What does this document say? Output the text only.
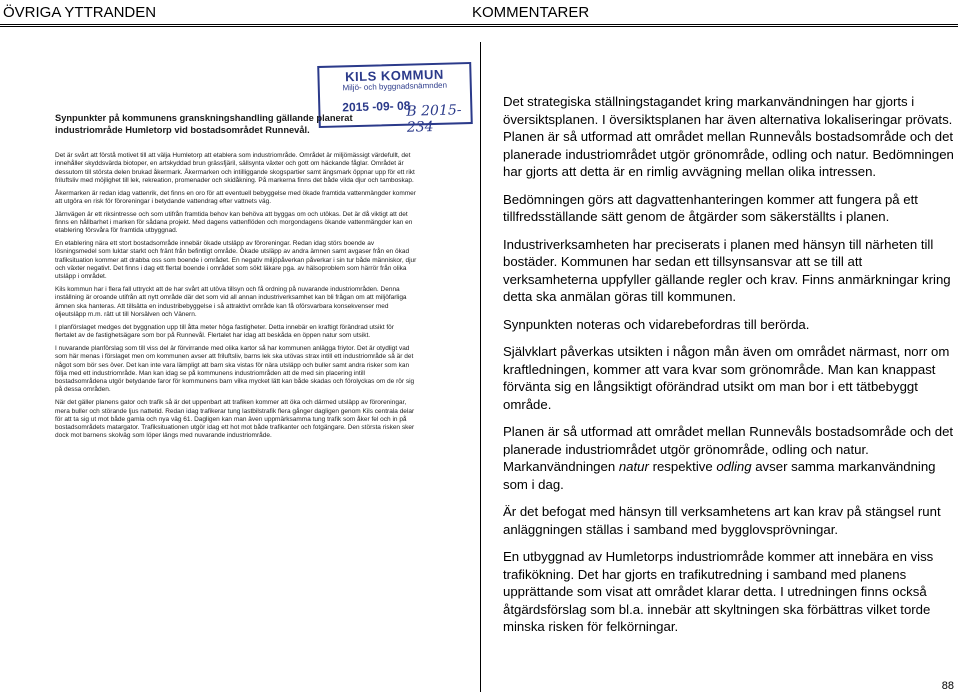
ÖVRIGA YTTRANDEN	KOMMENTARER
KILS KOMMUN
Miljö- och byggnadsnämnden
2015 -09- 08
B 2015-234
Synpunkter på kommunens granskningshandling gällande planerat industriområde Humletorp vid bostadsområdet Runnevål.

Det är svårt att förstå motivet till att välja Humletorp att etablera som industriområde. Området är miljömässigt värdefullt, det innehåller skyddsvärda biotoper, en artskyddad brun grässfjäril, sällsynta växter och gott om häckande fåglar. Området är dessutom till största delen brukad åkermark. Åkermarken och intilliggande skogspartier samt ängsmark öppnar upp för ett rikt friluftsliv med möjlighet till lek, rekreation, promenader och skidåkning. På markerna finns det både vilda djur och tamboskap.

Åkermarken är redan idag vattenrik, det finns en oro för att eventuell bebyggelse med ökade framtida vattenmängder kommer att utgöra en risk för föroreningar i betydande vattendrag efter vattnets väg.

Järnvägen är ett riksintresse och som utifrån framtida behov kan behöva att byggas om och utökas. Det är då viktigt att det finns en hållbarhet i marken för sådana projekt. Med dagens vattenflöden och morgondagens ökande vattenmängder kan en etablering försvåra för framtida utbyggnad.

En etablering nära ett stort bostadsområde innebär ökade utsläpp av föroreningar. Redan idag störs boende av lösningsmedel som luktar starkt och fränt från befintligt område. Ökade utsläpp av andra ämnen samt avgaser från en ökad trafiksituation kommer att drabba oss som boende i området. En negativ miljöpåverkan påverkar i sin tur både människor, djur och växter negativt. Det finns i dag ett flertal boende i området som sökt läkare pga. av hälsoproblem som härrör från olika utsläpp i området.

Kils kommun har i flera fall uttryckt att de har svårt att utöva tillsyn och få ordning på nuvarande industriområden. Denna inställning är oroande utifrån att nytt område där det som vid all annan industriverksamhet kan bli frågan om att miljöfarliga ämnen ska hanteras. Att tillsätta en industribebyggelse i så attraktivt område kan få oförsvarbara konsekvenser med oljeutsläpp m.m. rätt ut till Norsälven och Vänern.

I planförslaget medges det byggnation upp till åtta meter höga fastigheter. Detta innebär en kraftigt förändrad utsikt för flertalet av de fastighetsägare som bor på Runnevål. Flertalet har idag att beskåda en öppen natur som utsikt.

I nuvarande planförslag som till viss del är förvirrande med olika kartor så har kommunen anlägga friytor. Det är otydligt vad som här menas i förslaget men om kommunen avser att friluftsliv, barns lek ska utövas strax intill ett industriområde så är det något som bör ses över. Det kan inte vara lämpligt att barn ska vistas för nära utsläpp och buller samt andra risker som kan följa med ett industriområde. Man kan idag se på kommunens industriområden att de med sin placering intill bostadsområdena utgör betydande faror för kommunens barn vilka mycket lätt kan både skadas och förolyckas om de rör sig på dessa områden.

När det gäller planens gator och trafik så är det uppenbart att trafiken kommer att öka och därmed utsläpp av föroreningar, mera buller och störande ljus nattetid. Redan idag trafikerar tung lastbilstrafik flera gånger dagligen genom Kils centrala delar för att ta sig ut mot både gamla och nya väg 61. Dagligen kan man även uppmärksamma tung trafik som åker fel och in på bostadsområdets matargator. Trafiksituationen utgör idag ett hot mot både trafikanter och fotgängare. Den största risken sker dock mot barnens skolväg som löper längs med nuvarande industriområde.

Det strategiska ställningstagandet kring markanvändningen har gjorts i översiktsplanen. I översiktsplanen har även alternativa lokaliseringar prövats. Planen är så utformad att området mellan Runnevåls bostadsområde och det planerade industriområdet utgör grönområde, odling och natur. Bedömningen har gjorts att detta är en rimlig avvägning mellan olika intressen.

Bedömningen görs att dagvattenhanteringen kommer att fungera på ett tillfredsställande sätt genom de åtgärder som säkerställts i planen.

Industriverksamheten har preciserats i planen med hänsyn till närheten till bostäder. Kommunen har sedan ett tillsynsansvar att se till att verksamheterna uppfyller gällande regler och krav. Finns anmärkningar kring detta ska anmälan göras till kommunen.

Synpunkten noteras och vidarebefordras till berörda.

Självklart påverkas utsikten i någon mån även om området närmast, norr om kraftledningen, kommer att vara kvar som grönområde. Man kan knappast förvänta sig en långsiktigt oförändrad utsikt om man bor i ett tätbebyggt område.

Planen är så utformad att området mellan Runnevåls bostadsområde och det planerade industriområdet utgör grönområde, odling och natur. Markanvändningen natur respektive odling avser samma markanvändning som i dag.

Är det befogat med hänsyn till verksamhetens art kan krav på stängsel runt anläggningen ställas i samband med bygglovsprövningar.

En utbyggnad av Humletorps industriområde kommer att innebära en viss trafikökning. Det har gjorts en trafikutredning i samband med planens upprättande som visat att området klarar detta. I utredningen finns också åtgärdsförslag som bl.a. innebär att skyltningen ska förbättras vilket torde minska risken för felkörningar.

88
